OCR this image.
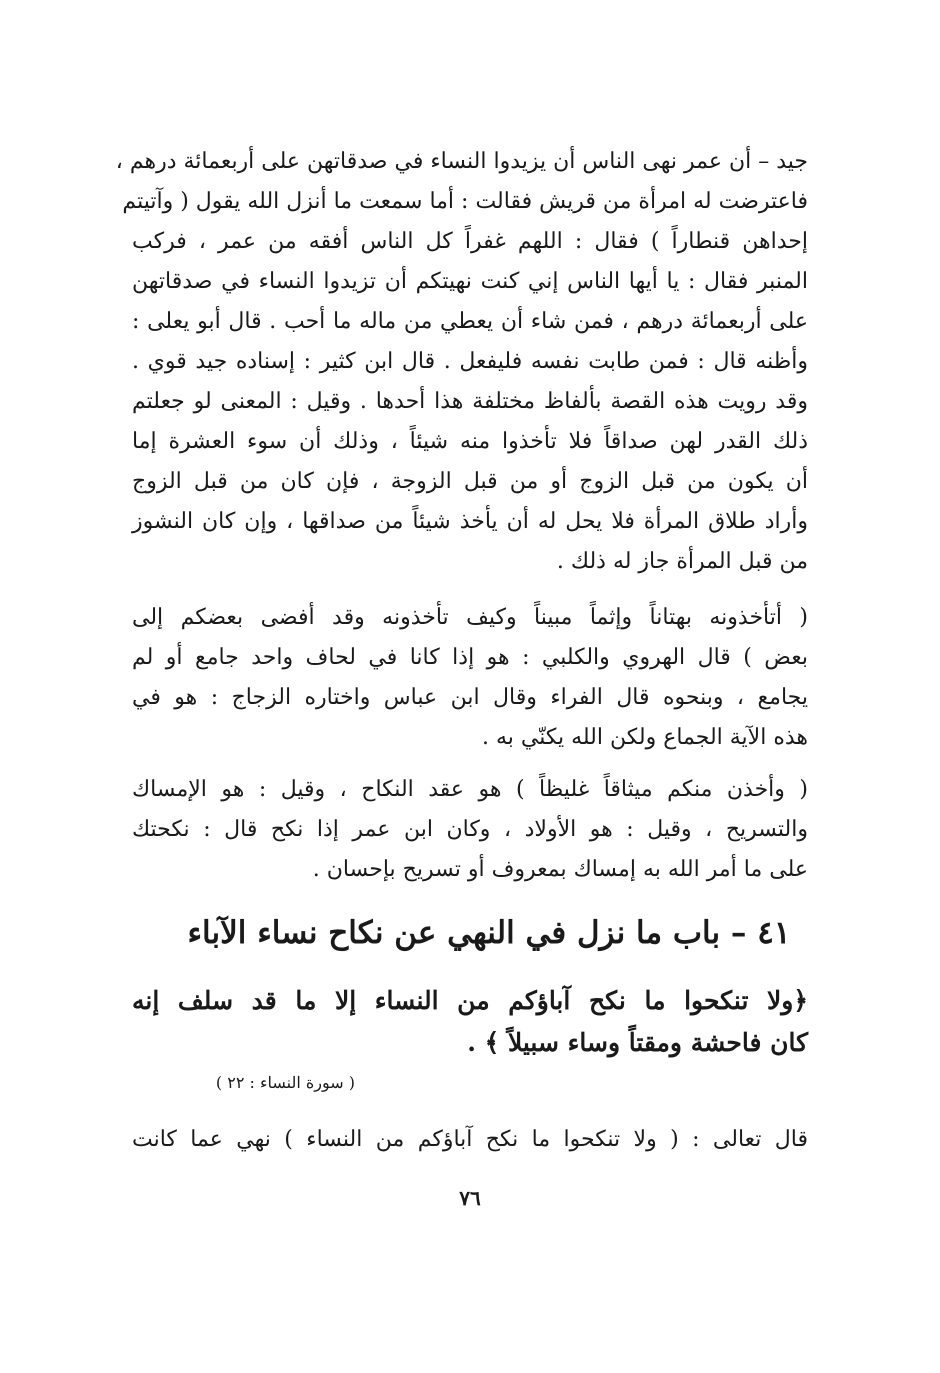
جيد – أن عمر نهى الناس أن يزيدوا النساء في صدقاتهن على أربعمائة درهم ،
فاعترضت له امرأة من قريش فقالت : أما سمعت ما أنزل الله يقول ( وآتيتم
إحداهن قنطاراً ) فقال : اللهم غفراً كل الناس أفقه من عمر ، فركب
المنبر فقال : يا أيها الناس إني كنت نهيتكم أن تزيدوا النساء في صدقاتهن
على أربعمائة درهم ، فمن شاء أن يعطي من ماله ما أحب . قال أبو يعلى :
وأظنه قال : فمن طابت نفسه فليفعل . قال ابن كثير : إسناده جيد قوي .
وقد رويت هذه القصة بألفاظ مختلفة هذا أحدها . وقيل : المعنى لو جعلتم
ذلك القدر لهن صداقاً فلا تأخذوا منه شيئاً ، وذلك أن سوء العشرة إما
أن يكون من قبل الزوج أو من قبل الزوجة ، فإن كان من قبل الزوج
وأراد طلاق المرأة فلا يحل له أن يأخذ شيئاً من صداقها ، وإن كان النشوز
من قبل المرأة جاز له ذلك .
( أتأخذونه بهتاناً وإثماً مبيناً وكيف تأخذونه وقد أفضى بعضكم إلى
بعض ) قال الهروي والكلبي : هو إذا كانا في لحاف واحد جامع أو لم
يجامع ، وبنحوه قال الفراء وقال ابن عباس واختاره الزجاج : هو في
هذه الآية الجماع ولكن الله يكنّي به .
( وأخذن منكم ميثاقاً غليظاً ) هو عقد النكاح ، وقيل : هو الإمساك
والتسريح ، وقيل : هو الأولاد ، وكان ابن عمر إذا نكح قال : نكحتك
على ما أمر الله به إمساك بمعروف أو تسريح بإحسان .
٤١ – باب ما نزل في النهي عن نكاح نساء الآباء
﴿ولا تنكحوا ما نكح آباؤكم من النساء إلا ما قد سلف إنه
كان فاحشة ومقتاً وساء سبيلاً ﴾ .
( سورة النساء : ٢٢ )
قال تعالى : ( ولا تنكحوا ما نكح آباؤكم من النساء ) نهي عما كانت
٧٦
